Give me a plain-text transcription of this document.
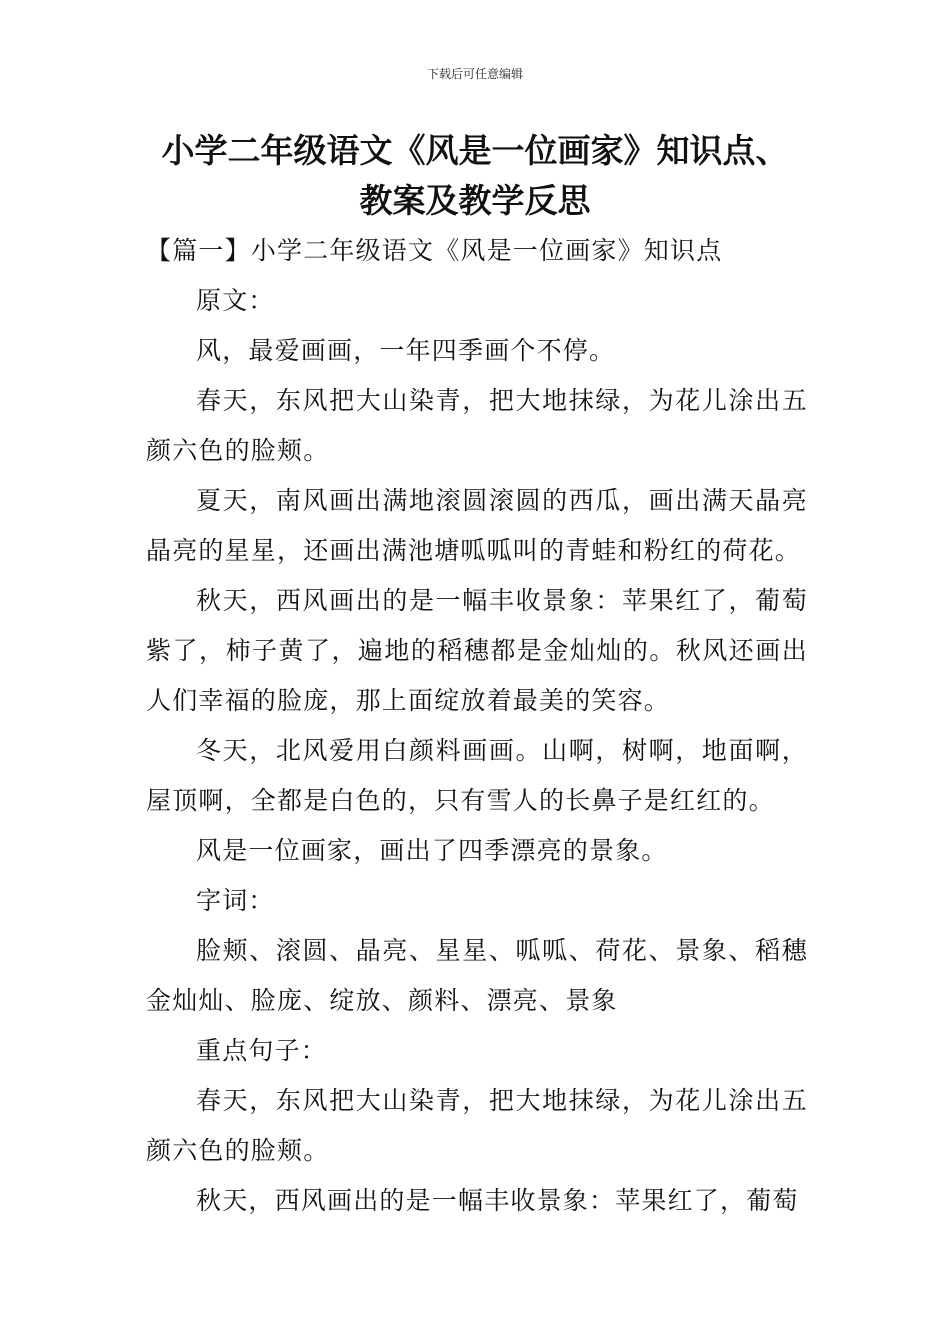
下载后可任意编辑
小学二年级语文《风是一位画家》知识点、
教案及教学反思

【篇一】小学二年级语文《风是一位画家》知识点

原文：

风，最爱画画，一年四季画个不停。

春天，东风把大山染青，把大地抹绿，为花儿涂出五颜六色的脸颊。

夏天，南风画出满地滚圆滚圆的西瓜，画出满天晶亮晶亮的星星，还画出满池塘呱呱叫的青蛙和粉红的荷花。

秋天，西风画出的是一幅丰收景象：苹果红了，葡萄紫了，柿子黄了，遍地的稻穗都是金灿灿的。秋风还画出人们幸福的脸庞，那上面绽放着最美的笑容。

冬天，北风爱用白颜料画画。山啊，树啊，地面啊，屋顶啊，全都是白色的，只有雪人的长鼻子是红红的。

风是一位画家，画出了四季漂亮的景象。

字词：

脸颊、滚圆、晶亮、星星、呱呱、荷花、景象、稻穗金灿灿、脸庞、绽放、颜料、漂亮、景象

重点句子：

春天，东风把大山染青，把大地抹绿，为花儿涂出五颜六色的脸颊。

秋天，西风画出的是一幅丰收景象：苹果红了，葡萄
